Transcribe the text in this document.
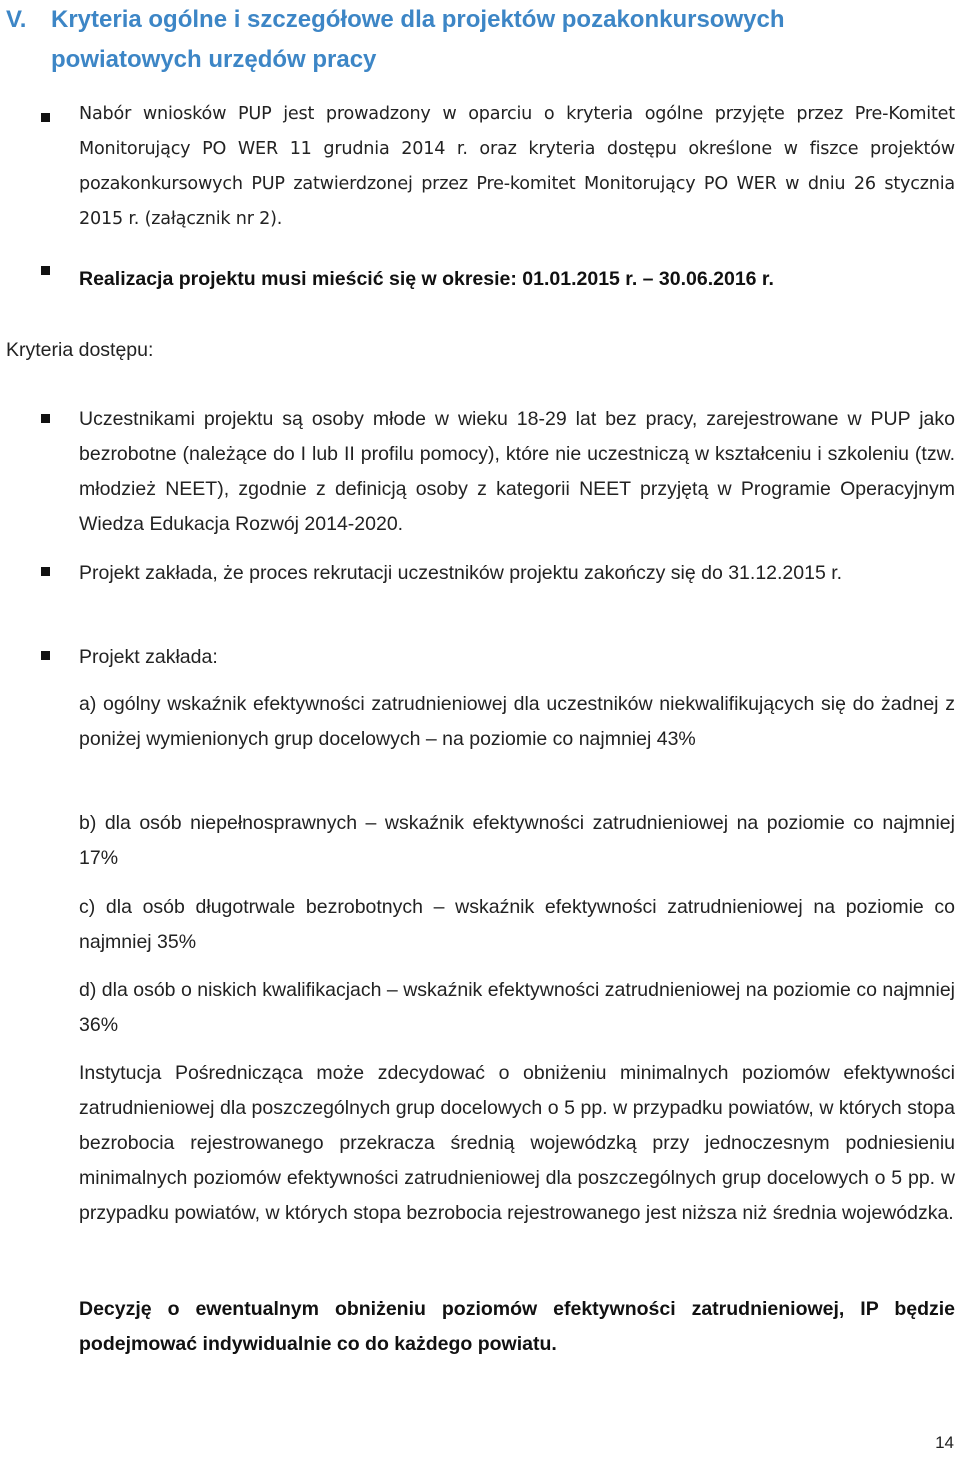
V.	Kryteria ogólne i szczegółowe dla projektów pozakonkursowych powiatowych urzędów pracy
Nabór wniosków PUP jest prowadzony w oparciu o kryteria ogólne przyjęte przez Pre-Komitet Monitorujący PO WER 11 grudnia 2014 r. oraz kryteria dostępu określone w fiszce projektów pozakonkursowych PUP zatwierdzonej przez Pre-komitet Monitorujący PO WER w dniu 26 stycznia 2015 r. (załącznik nr 2).
Realizacja projektu musi mieścić się w okresie: 01.01.2015 r. – 30.06.2016 r.
Kryteria dostępu:
Uczestnikami projektu są osoby młode w wieku 18-29 lat bez pracy, zarejestrowane w PUP jako bezrobotne (należące do I lub II profilu pomocy), które nie uczestniczą w kształceniu i szkoleniu (tzw. młodzież NEET), zgodnie z definicją osoby z kategorii NEET przyjętą w Programie Operacyjnym Wiedza Edukacja Rozwój 2014-2020.
Projekt zakłada, że proces rekrutacji uczestników projektu zakończy się do 31.12.2015 r.
Projekt zakłada:
a) ogólny wskaźnik efektywności zatrudnieniowej dla uczestników niekwalifikujących się do żadnej z poniżej wymienionych grup docelowych – na poziomie co najmniej 43%
b) dla osób niepełnosprawnych – wskaźnik efektywności zatrudnieniowej na poziomie co najmniej 17%
c) dla osób długotrwale bezrobotnych – wskaźnik efektywności zatrudnieniowej na poziomie co najmniej 35%
d) dla osób o niskich kwalifikacjach – wskaźnik efektywności zatrudnieniowej na poziomie co najmniej 36%
Instytucja Pośrednicząca może zdecydować o obniżeniu minimalnych poziomów efektywności zatrudnieniowej dla poszczególnych grup docelowych o 5 pp. w przypadku powiatów, w których stopa bezrobocia rejestrowanego przekracza średnią wojewódzką przy jednoczesnym podniesieniu minimalnych poziomów efektywności zatrudnieniowej dla poszczególnych grup docelowych o 5 pp. w przypadku powiatów, w których stopa bezrobocia rejestrowanego jest niższa niż średnia wojewódzka.
Decyzję o ewentualnym obniżeniu poziomów efektywności zatrudnieniowej, IP będzie podejmować indywidualnie co do każdego powiatu.
14
